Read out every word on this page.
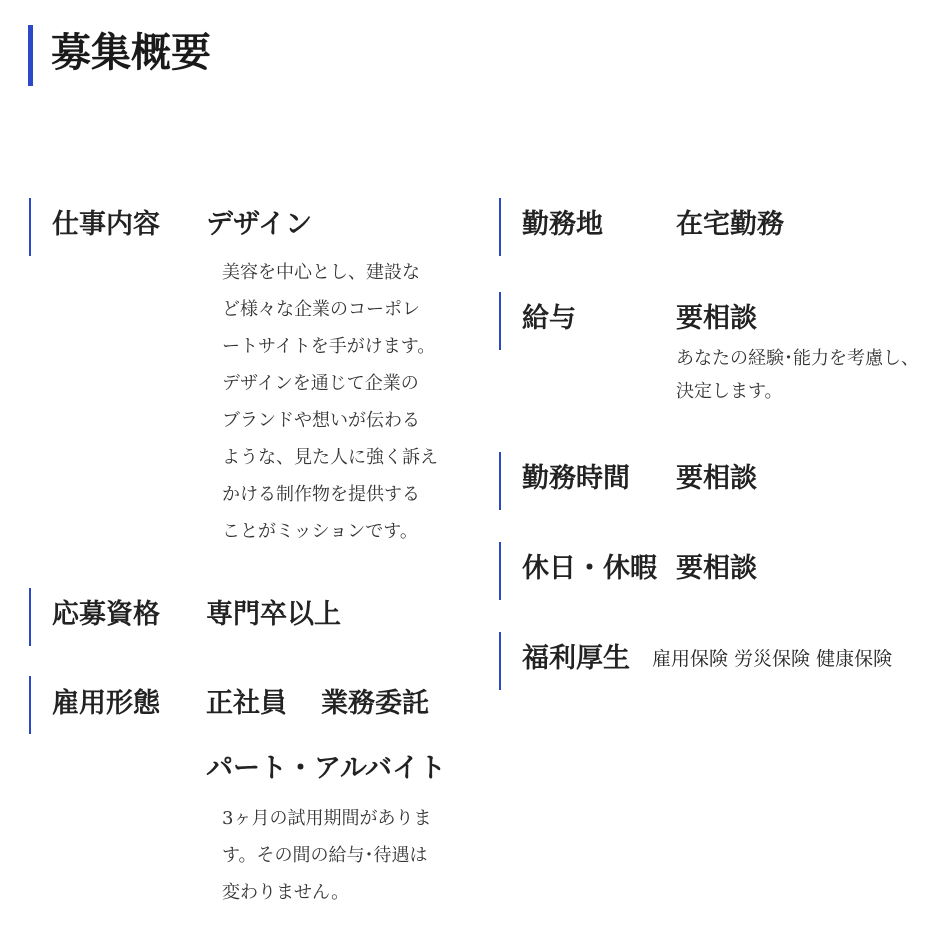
募集概要
仕事内容 デザイン
美容を中心とし、建設な
ど様々な企業のコーポレ
ートサイトを手がけます。
デザインを通じて企業の
ブランドや想いが伝わる
ような、見た人に強く訴え
かける制作物を提供する
ことがミッションです。
応募資格 専門卒以上
雇用形態 正社員 業務委託
パート・アルバイト
3ヶ月の試用期間がありま
す。その間の給与･待遇は
変わりません。
勤務地	在宅勤務
給与	要相談
あなたの経験･能力を考慮し、
決定します。
勤務時間 要相談
休日・休暇 要相談
福利厚生 雇用保険 労災保険 健康保険
